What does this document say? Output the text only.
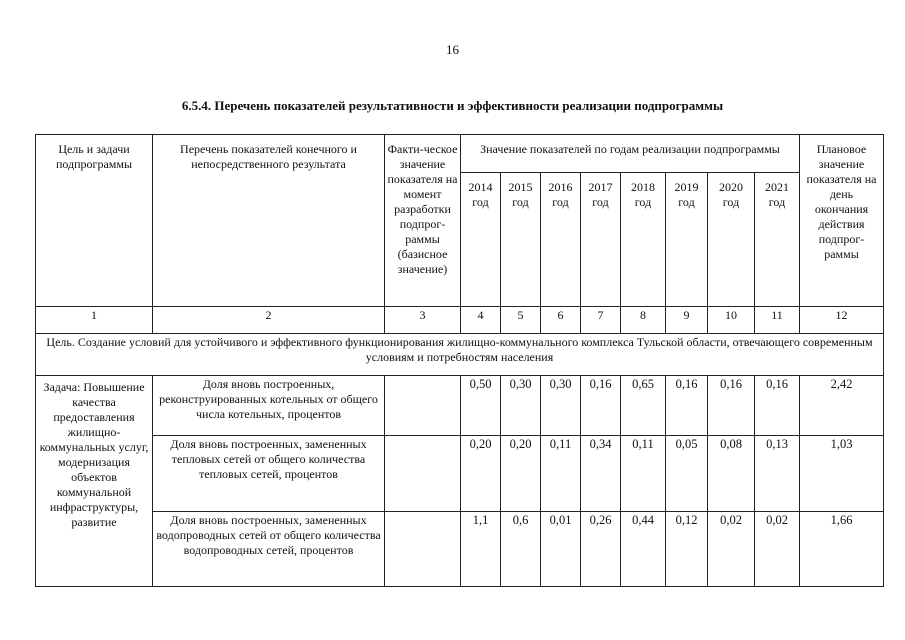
16
6.5.4. Перечень показателей результативности и эффективности реализации подпрограммы
Цель и задачи подпрограммы	Перечень показателей конечного и непосредственного результата	Факти-ческое значение показателя на момент разработки подпрог-раммы (базисное значение)	Значение показателей по годам реализации подпрограммы								Плановое значение показателя на день окончания действия подпрог-раммы
			2014 год	2015 год	2016 год	2017 год	2018 год	2019 год	2020 год	2021 год	
1	2	3	4	5	6	7	8	9	10	11	12
Цель. Создание условий для устойчивого и эффективного функционирования жилищно-коммунального комплекса Тульской области, отвечающего современным условиям и потребностям населения											
Задача: Повышение качества предоставления жилищно-коммунальных услуг, модернизация объектов коммунальной инфраструктуры, развитие	Доля вновь построенных, реконструированных котельных от общего числа котельных, процентов		0,50	0,30	0,30	0,16	0,65	0,16	0,16	0,16	2,42
	Доля вновь построенных, замененных тепловых сетей от общего количества тепловых сетей, процентов		0,20	0,20	0,11	0,34	0,11	0,05	0,08	0,13	1,03
	Доля вновь построенных, замененных водопроводных сетей от общего количества водопроводных сетей, процентов		1,1	0,6	0,01	0,26	0,44	0,12	0,02	0,02	1,66
